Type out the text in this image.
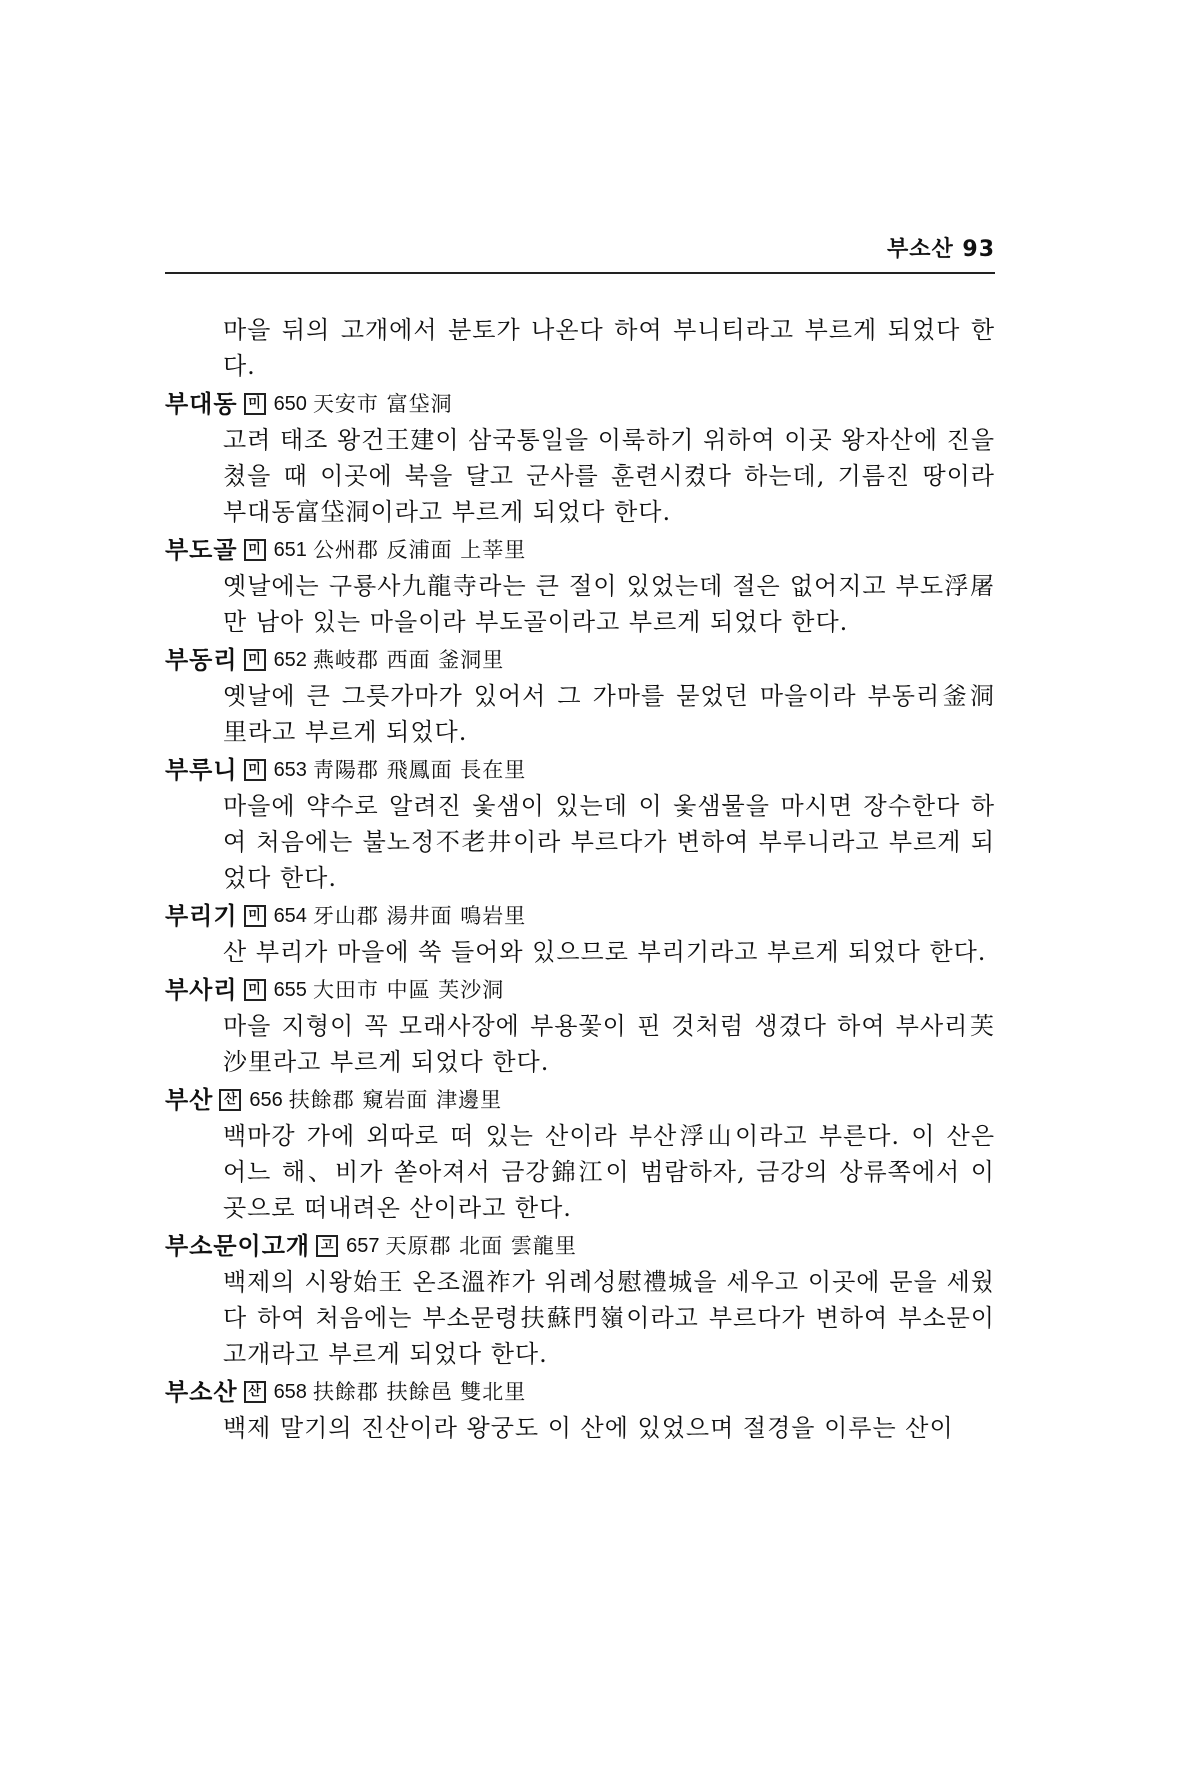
부소산 93

마을 뒤의 고개에서 분토가 나온다 하여 부니티라고 부르게 되었다 한다.

부대동 미 650 天安市 富垈洞

고려 태조 왕건王建이 삼국통일을 이룩하기 위하여 이곳 왕자산에 진을 쳤을 때 이곳에 북을 달고 군사를 훈련시켰다 하는데, 기름진 땅이라 부대동富垈洞이라고 부르게 되었다 한다.

부도골 미 651 公州郡 反浦面 上莘里

옛날에는 구룡사九龍寺라는 큰 절이 있었는데 절은 없어지고 부도浮屠만 남아 있는 마을이라 부도골이라고 부르게 되었다 한다.

부동리 미 652 燕岐郡 西面 釜洞里

옛날에 큰 그릇가마가 있어서 그 가마를 묻었던 마을이라 부동리釜洞里라고 부르게 되었다.

부루니 미 653 靑陽郡 飛鳳面 長在里

마을에 약수로 알려진 옻샘이 있는데 이 옻샘물을 마시면 장수한다 하여 처음에는 불노정不老井이라 부르다가 변하여 부루니라고 부르게 되었다 한다.

부리기 미 654 牙山郡 湯井面 鳴岩里

산 부리가 마을에 쑥 들어와 있으므로 부리기라고 부르게 되었다 한다.

부사리 미 655 大田市 中區 芙沙洞

마을 지형이 꼭 모래사장에 부용꽃이 핀 것처럼 생겼다 하여 부사리芙沙里라고 부르게 되었다 한다.

부산 산 656 扶餘郡 窺岩面 津邊里

백마강 가에 외따로 떠 있는 산이라 부산浮山이라고 부른다. 이 산은 어느 해、비가 쏟아져서 금강錦江이 범람하자, 금강의 상류쪽에서 이곳으로 떠내려온 산이라고 한다.

부소문이고개 고 657 天原郡 北面 雲龍里

백제의 시왕始王 온조溫祚가 위례성慰禮城을 세우고 이곳에 문을 세웠다 하여 처음에는 부소문령扶蘇門嶺이라고 부르다가 변하여 부소문이고개라고 부르게 되었다 한다.

부소산 산 658 扶餘郡 扶餘邑 雙北里

백제 말기의 진산이라 왕궁도 이 산에 있었으며 절경을 이루는 산이
